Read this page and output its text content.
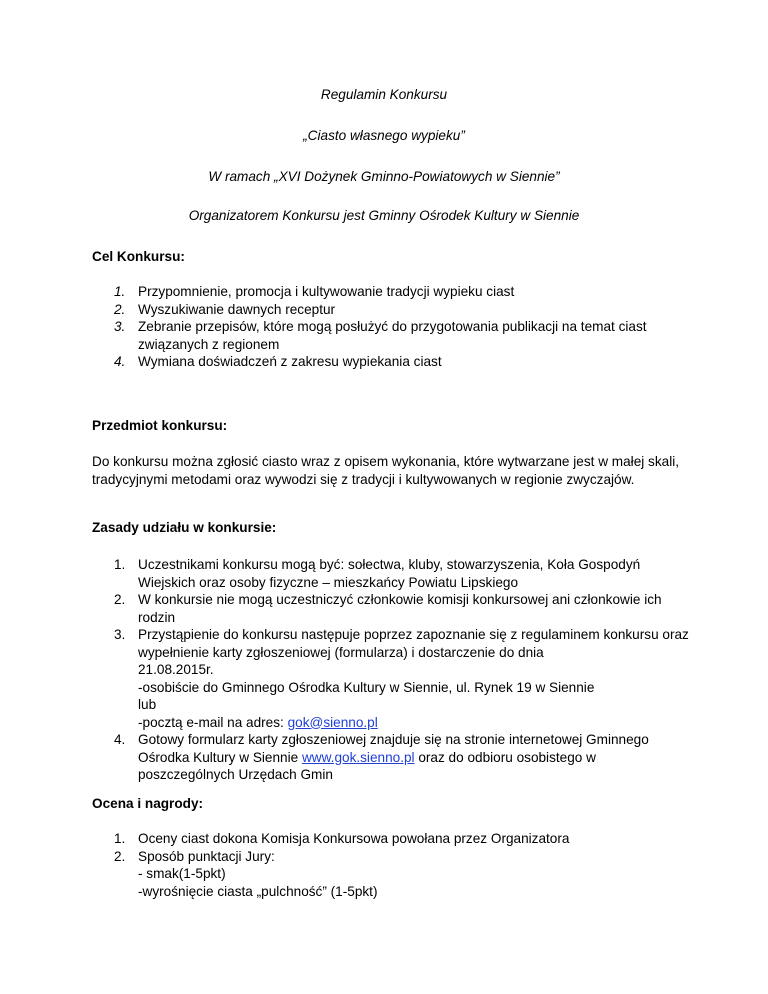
Regulamin Konkursu
„Ciasto własnego wypieku”
W ramach „XVI Dożynek Gminno-Powiatowych w Siennie”
Organizatorem Konkursu jest Gminny Ośrodek Kultury w Siennie
Cel Konkursu:
1. Przypomnienie, promocja i kultywowanie tradycji wypieku ciast
2. Wyszukiwanie dawnych receptur
3. Zebranie przepisów, które mogą posłużyć do przygotowania publikacji na temat ciast związanych z regionem
4. Wymiana doświadczeń z zakresu wypiekania ciast
Przedmiot konkursu:
Do konkursu można zgłosić ciasto wraz z opisem wykonania, które wytwarzane jest w małej skali, tradycyjnymi metodami oraz wywodzi się z tradycji i kultywowanych w regionie zwyczajów.
Zasady udziału w konkursie:
1. Uczestnikami konkursu mogą być: sołectwa, kluby, stowarzyszenia, Koła Gospodyń Wiejskich oraz osoby fizyczne – mieszkańcy Powiatu Lipskiego
2. W konkursie nie mogą uczestniczyć członkowie komisji konkursowej ani członkowie ich rodzin
3. Przystąpienie do konkursu następuje poprzez zapoznanie się z regulaminem konkursu oraz wypełnienie karty zgłoszeniowej (formularza) i dostarczenie do dnia
21.08.2015r.
-osobiście do Gminnego Ośrodka Kultury w Siennie, ul. Rynek 19 w Siennie
lub
-pocztą e-mail na adres: gok@sienno.pl
4. Gotowy formularz karty zgłoszeniowej znajduje się na stronie internetowej Gminnego Ośrodka Kultury w Siennie www.gok.sienno.pl oraz do odbioru osobistego w poszczególnych Urzędach Gmin
Ocena i nagrody:
1. Oceny ciast dokona Komisja Konkursowa powołana przez Organizatora
2. Sposób punktacji Jury:
- smak(1-5pkt)
-wyrośnięcie ciasta „pulchność” (1-5pkt)
